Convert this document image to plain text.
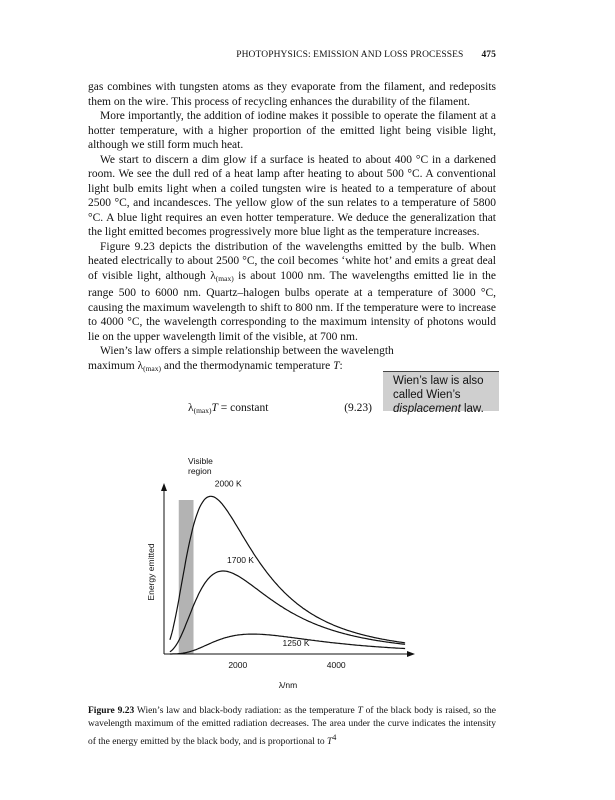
PHOTOPHYSICS: EMISSION AND LOSS PROCESSES 475

gas combines with tungsten atoms as they evaporate from the filament, and redeposits them on the wire. This process of recycling enhances the durability of the filament.

More importantly, the addition of iodine makes it possible to operate the filament at a hotter temperature, with a higher proportion of the emitted light being visible light, although we still form much heat.

We start to discern a dim glow if a surface is heated to about 400 °C in a darkened room. We see the dull red of a heat lamp after heating to about 500 °C. A conventional light bulb emits light when a coiled tungsten wire is heated to a temperature of about 2500 °C, and incandesces. The yellow glow of the sun relates to a temperature of 5800 °C. A blue light requires an even hotter temperature. We deduce the generalization that the light emitted becomes progressively more blue light as the temperature increases.

Figure 9.23 depicts the distribution of the wavelengths emitted by the bulb. When heated electrically to about 2500 °C, the coil becomes ‘white hot’ and emits a great deal of visible light, although $\lambda_{(max)}$ is about 1000 nm. The wavelengths emitted lie in the range 500 to 6000 nm. Quartz–halogen bulbs operate at a temperature of 3000 °C, causing the maximum wavelength to shift to 800 nm. If the temperature were to increase to 4000 °C, the wavelength corresponding to the maximum intensity of photons would lie on the upper wavelength limit of the visible, at 700 nm.

Wien’s law offers a simple relationship between the wavelength
maximum $\lambda_{(max)}$ and the thermodynamic temperature T:

Wien’s law is also called Wien’s displacement law.
$\lambda_{(max)}T$ = constant	(9.23)
2000 K
1700 K
1250 K
2000	4000
Visible
region
Energy emitted
λ/nm
Figure 9.23 Wien’s law and black-body radiation: as the temperature T of the black body is raised, so the wavelength maximum of the emitted radiation decreases. The area under the curve indicates the intensity of the energy emitted by the black body, and is proportional to $T^4$
